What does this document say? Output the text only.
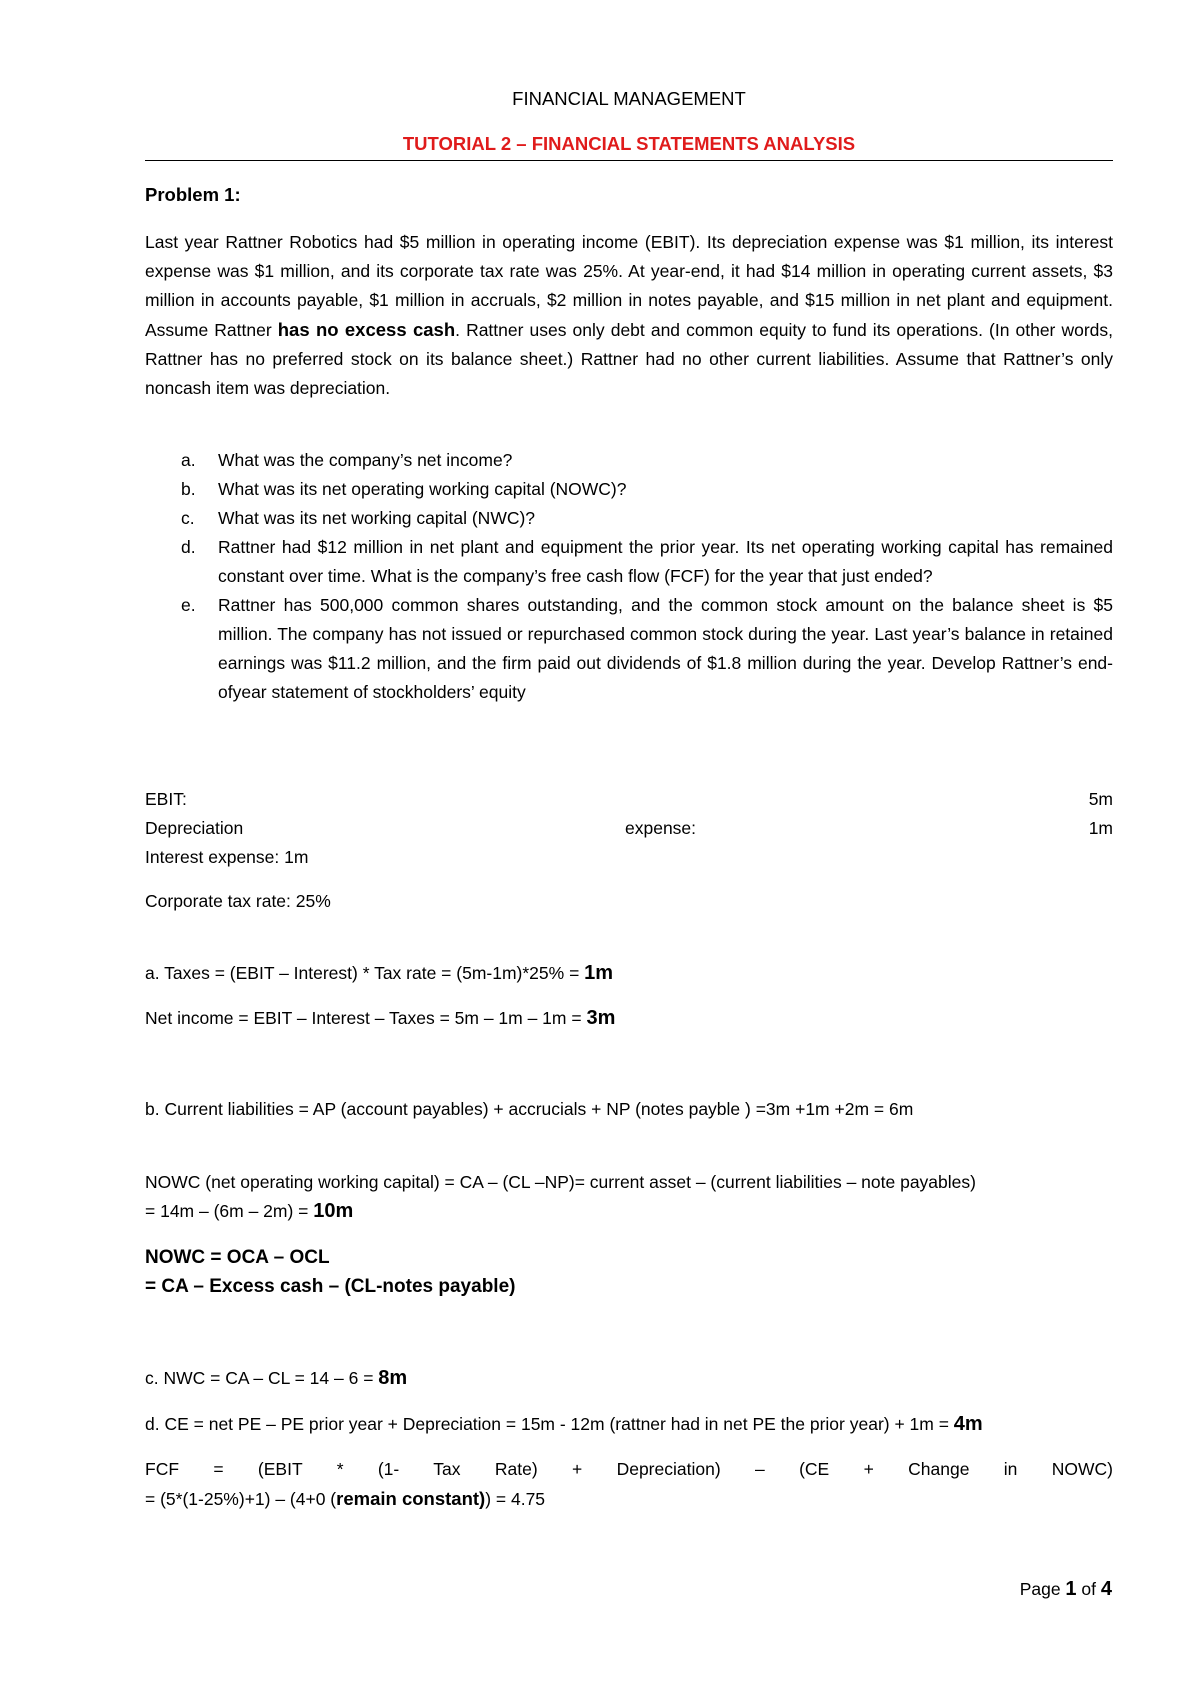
FINANCIAL MANAGEMENT
TUTORIAL 2 – FINANCIAL STATEMENTS ANALYSIS
Problem 1:
Last year Rattner Robotics had $5 million in operating income (EBIT). Its depreciation expense was $1 million, its interest expense was $1 million, and its corporate tax rate was 25%. At year-end, it had $14 million in operating current assets, $3 million in accounts payable, $1 million in accruals, $2 million in notes payable, and $15 million in net plant and equipment. Assume Rattner has no excess cash. Rattner uses only debt and common equity to fund its operations. (In other words, Rattner has no preferred stock on its balance sheet.) Rattner had no other current liabilities. Assume that Rattner’s only noncash item was depreciation.
a. What was the company’s net income?
b. What was its net operating working capital (NOWC)?
c. What was its net working capital (NWC)?
d. Rattner had $12 million in net plant and equipment the prior year. Its net operating working capital has remained constant over time. What is the company’s free cash flow (FCF) for the year that just ended?
e. Rattner has 500,000 common shares outstanding, and the common stock amount on the balance sheet is $5 million. The company has not issued or repurchased common stock during the year. Last year’s balance in retained earnings was $11.2 million, and the firm paid out dividends of $1.8 million during the year. Develop Rattner’s end-ofyear statement of stockholders’ equity
EBIT:	5m
Depreciation	expense:	1m
Interest expense: 1m
Corporate tax rate: 25%
a. Taxes = (EBIT – Interest) * Tax rate = (5m-1m)*25% = 1m
Net income = EBIT – Interest – Taxes = 5m – 1m – 1m = 3m
b. Current liabilities = AP (account payables) + accrucials + NP (notes payble ) =3m +1m +2m = 6m
NOWC (net operating working capital) = CA – (CL –NP)= current asset – (current liabilities – note payables)
= 14m – (6m – 2m) = 10m
NOWC = OCA – OCL
= CA – Excess cash – (CL-notes payable)
c. NWC = CA – CL = 14 – 6 = 8m
d. CE = net PE – PE prior year + Depreciation = 15m - 12m (rattner had in net PE the prior year) + 1m = 4m
FCF = (EBIT * (1- Tax Rate) + Depreciation) – (CE + Change in NOWC)
= (5*(1-25%)+1) – (4+0 (remain constant)) = 4.75
Page 1 of 4
